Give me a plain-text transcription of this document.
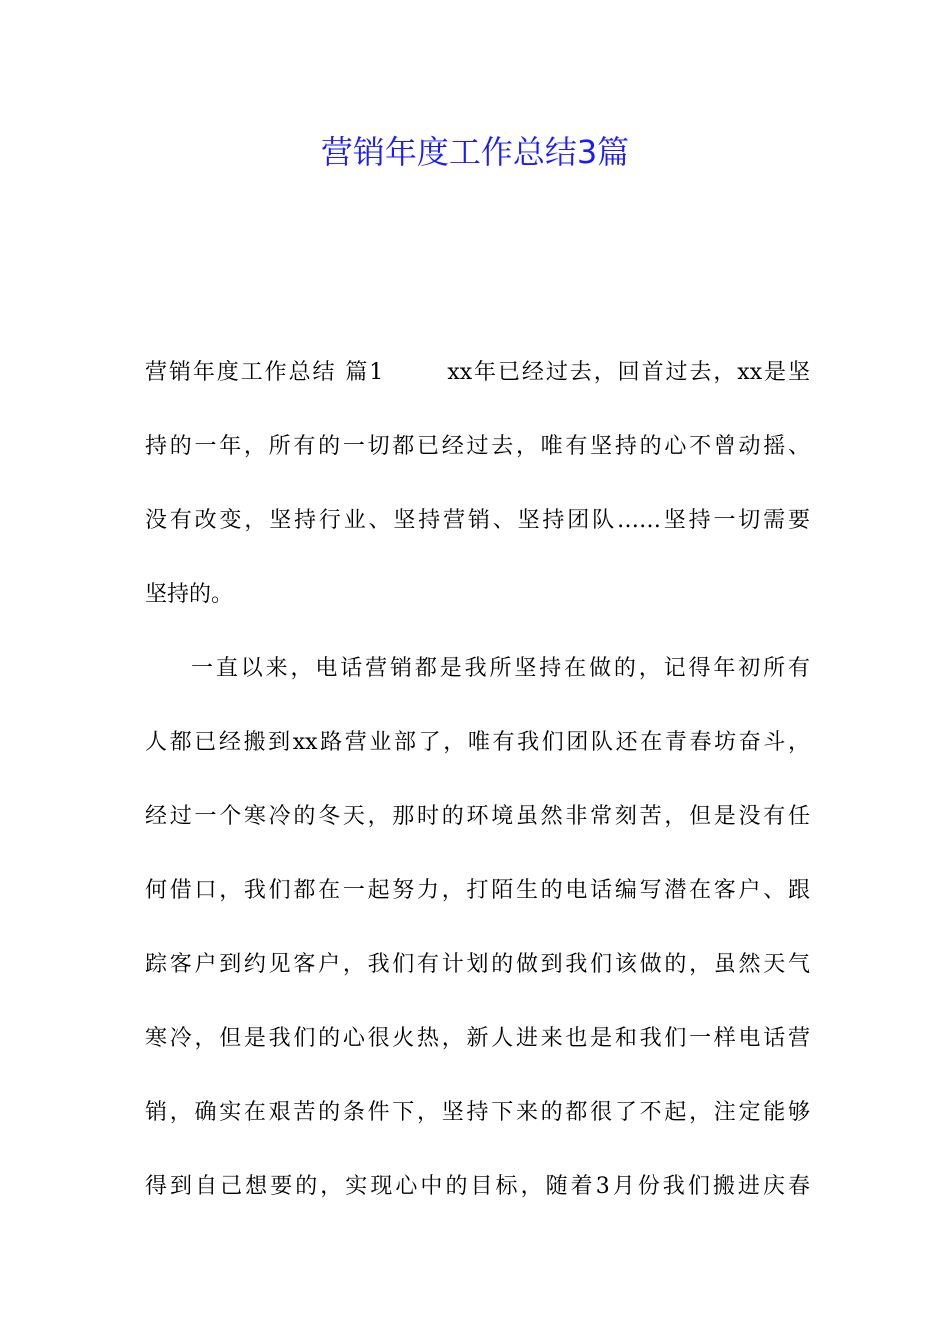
营销年度工作总结3篇
营销年度工作总结 篇1	xx年已经过去，回首过去，xx是坚
持的一年，所有的一切都已经过去，唯有坚持的心不曾动摇、
没有改变，坚持行业、坚持营销、坚持团队……坚持一切需要
坚持的。
一直以来，电话营销都是我所坚持在做的，记得年初所有
人都已经搬到xx路营业部了，唯有我们团队还在青春坊奋斗，
经过一个寒冷的冬天，那时的环境虽然非常刻苦，但是没有任
何借口，我们都在一起努力，打陌生的电话编写潜在客户、跟
踪客户到约见客户，我们有计划的做到我们该做的，虽然天气
寒冷，但是我们的心很火热，新人进来也是和我们一样电话营
销，确实在艰苦的条件下，坚持下来的都很了不起，注定能够
得到自己想要的，实现心中的目标，随着3月份我们搬进庆春
